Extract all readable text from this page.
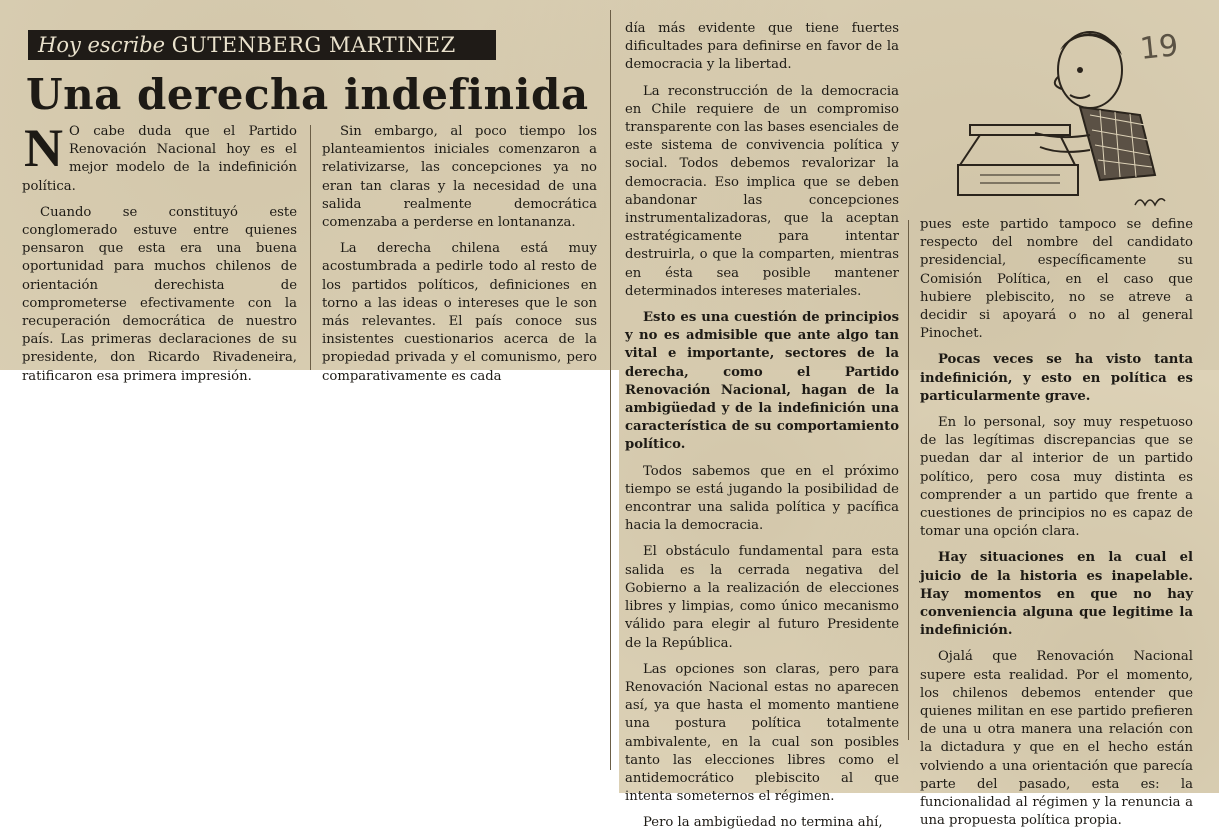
Hoy escribe GUTENBERG MARTINEZ
Una derecha indefinida

N O cabe duda que el Partido Renovación Nacional hoy es el mejor modelo de la indefinición política.

Cuando se constituyó este conglomerado estuve entre quienes pensaron que esta era una buena oportunidad para muchos chilenos de orientación derechista de comprometerse efectivamente con la recuperación democrática de nuestro país. Las primeras declaraciones de su presidente, don Ricardo Rivadeneira, ratificaron esa primera impresión.

Sin embargo, al poco tiempo los planteamientos iniciales comenzaron a relativizarse, las concepciones ya no eran tan claras y la necesidad de una salida realmente democrática comenzaba a perderse en lontananza.

La derecha chilena está muy acostumbrada a pedirle todo al resto de los partidos políticos, definiciones en torno a las ideas o intereses que le son más relevantes. El país conoce sus insistentes cuestionarios acerca de la propiedad privada y el comunismo, pero comparativamente es cada

día más evidente que tiene fuertes dificultades para definirse en favor de la democracia y la libertad.

La reconstrucción de la democracia en Chile requiere de un compromiso transparente con las bases esenciales de este sistema de convivencia política y social. Todos debemos revalorizar la democracia. Eso implica que se deben abandonar las concepciones instrumentalizadoras, que la aceptan estratégicamente para intentar destruirla, o que la comparten, mientras en ésta sea posible mantener determinados intereses materiales.

Esto es una cuestión de principios y no es admisible que ante algo tan vital e importante, sectores de la derecha, como el Partido Renovación Nacional, hagan de la ambigüedad y de la indefinición una característica de su comportamiento político.

Todos sabemos que en el próximo tiempo se está jugando la posibilidad de encontrar una salida política y pacífica hacia la democracia.

El obstáculo fundamental para esta salida es la cerrada negativa del Gobierno a la realización de elecciones libres y limpias, como único mecanismo válido para elegir al futuro Presidente de la República.

Las opciones son claras, pero para Renovación Nacional estas no aparecen así, ya que hasta el momento mantiene una postura política totalmente ambivalente, en la cual son posibles tanto las elecciones libres como el antidemocrático plebiscito al que intenta someternos el régimen.

Pero la ambigüedad no termina ahí,

pues este partido tampoco se define respecto del nombre del candidato presidencial, específicamente su Comisión Política, en el caso que hubiere plebiscito, no se atreve a decidir si apoyará o no al general Pinochet.

Pocas veces se ha visto tanta indefinición, y esto en política es particularmente grave.

En lo personal, soy muy respetuoso de las legítimas discrepancias que se puedan dar al interior de un partido político, pero cosa muy distinta es comprender a un partido que frente a cuestiones de principios no es capaz de tomar una opción clara.

Hay situaciones en la cual el juicio de la historia es inapelable. Hay momentos en que no hay conveniencia alguna que legitime la indefinición.

Ojalá que Renovación Nacional supere esta realidad. Por el momento, los chilenos debemos entender que quienes militan en ese partido prefieren de una u otra manera una relación con la dictadura y que en el hecho están volviendo a una orientación que parecía parte del pasado, esta es: la funcionalidad al régimen y la renuncia a una propuesta política propia.

19
